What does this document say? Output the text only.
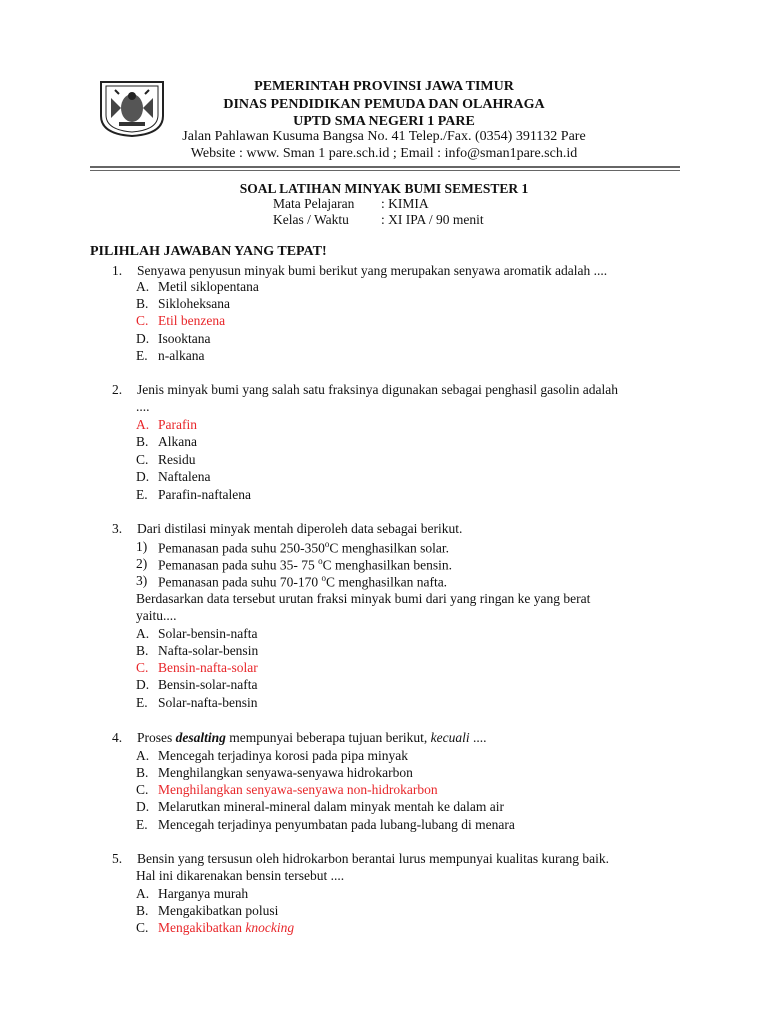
PEMERINTAH PROVINSI JAWA TIMUR
DINAS PENDIDIKAN PEMUDA DAN OLAHRAGA
UPTD SMA NEGERI 1 PARE
Jalan Pahlawan Kusuma Bangsa No. 41 Telep./Fax. (0354) 391132 Pare
Website : www. Sman 1 pare.sch.id ; Email : info@sman1pare.sch.id
SOAL LATIHAN MINYAK BUMI SEMESTER 1
Mata Pelajaran : KIMIA
Kelas / Waktu : XI IPA / 90 menit
PILIHLAH JAWABAN YANG TEPAT!
1. Senyawa penyusun minyak bumi berikut yang merupakan senyawa aromatik adalah ....
A. Metil siklopentana
B. Sikloheksana
C. Etil benzena
D. Isooktana
E. n-alkana
2. Jenis minyak bumi yang salah satu fraksinya digunakan sebagai penghasil gasolin adalah
....
A. Parafin
B. Alkana
C. Residu
D. Naftalena
E. Parafin-naftalena
3. Dari distilasi minyak mentah diperoleh data sebagai berikut.
1) Pemanasan pada suhu 250-350$^o$C menghasilkan solar.
2) Pemanasan pada suhu 35- 75 $^o$C menghasilkan bensin.
3) Pemanasan pada suhu 70-170 $^o$C menghasilkan nafta.
Berdasarkan data tersebut urutan fraksi minyak bumi dari yang ringan ke yang berat
yaitu....
A. Solar-bensin-nafta
B. Nafta-solar-bensin
C. Bensin-nafta-solar
D. Bensin-solar-nafta
E. Solar-nafta-bensin
4. Proses desalting mempunyai beberapa tujuan berikut, kecuali ....
A. Mencegah terjadinya korosi pada pipa minyak
B. Menghilangkan senyawa-senyawa hidrokarbon
C. Menghilangkan senyawa-senyawa non-hidrokarbon
D. Melarutkan mineral-mineral dalam minyak mentah ke dalam air
E. Mencegah terjadinya penyumbatan pada lubang-lubang di menara
5. Bensin yang tersusun oleh hidrokarbon berantai lurus mempunyai kualitas kurang baik.
Hal ini dikarenakan bensin tersebut ....
A. Harganya murah
B. Mengakibatkan polusi
C. Mengakibatkan knocking
